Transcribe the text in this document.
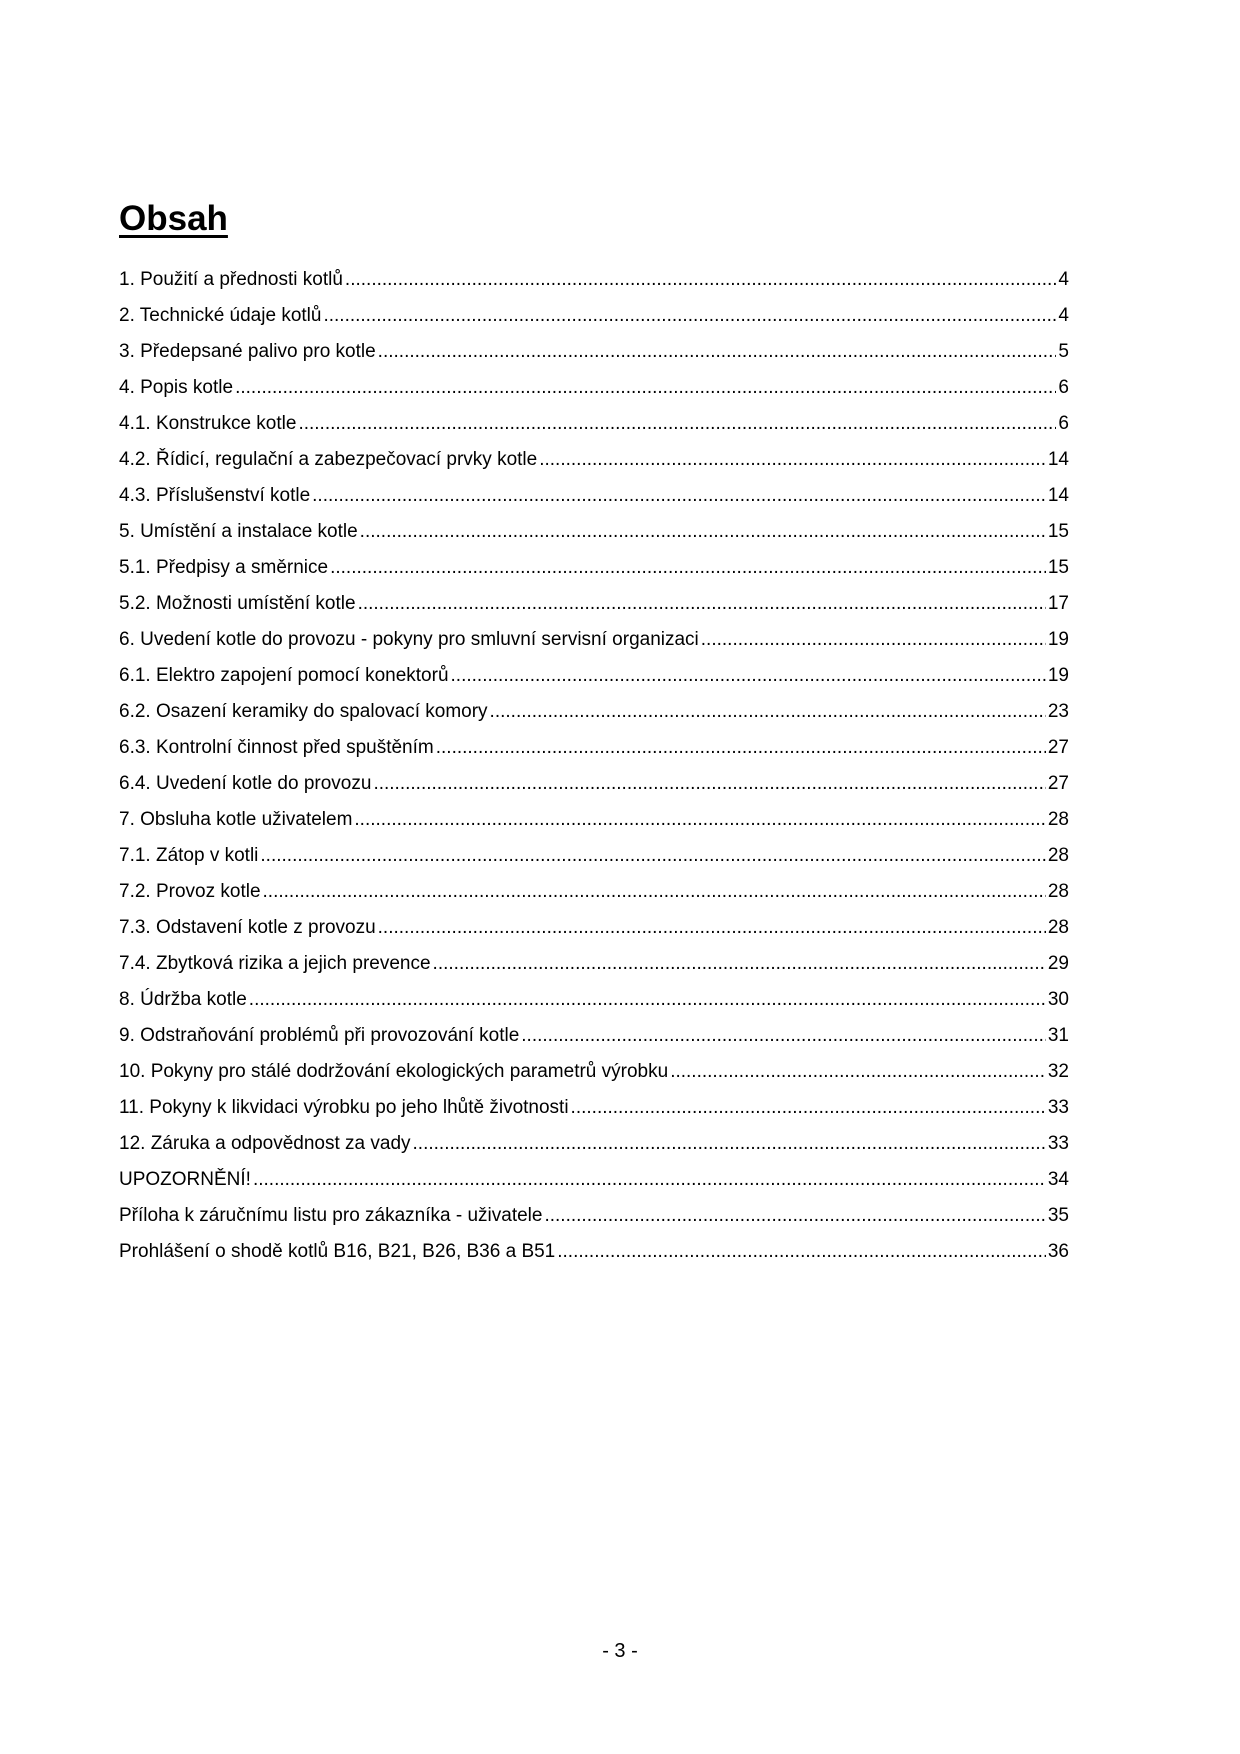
Obsah
1. Použití a přednosti kotlů .....	4
2. Technické údaje kotlů .....	4
3. Předepsané palivo pro kotle .....	5
4. Popis kotle .....	6
4.1. Konstrukce kotle .....	6
4.2. Řídicí, regulační a zabezpečovací prvky kotle .....	14
4.3. Příslušenství kotle .....	14
5. Umístění a instalace kotle .....	15
5.1. Předpisy a směrnice .....	15
5.2. Možnosti umístění kotle .....	17
6. Uvedení kotle do provozu - pokyny pro smluvní servisní organizaci .....	19
6.1. Elektro zapojení pomocí konektorů .....	19
6.2. Osazení keramiky do spalovací komory .....	23
6.3. Kontrolní činnost před spuštěním .....	27
6.4. Uvedení kotle do provozu .....	27
7. Obsluha kotle uživatelem .....	28
7.1. Zátop v kotli .....	28
7.2. Provoz kotle .....	28
7.3. Odstavení kotle z provozu .....	28
7.4. Zbytková rizika a jejich prevence .....	29
8. Údržba kotle .....	30
9. Odstraňování problémů při provozování kotle .....	31
10. Pokyny pro stálé dodržování ekologických parametrů výrobku .....	32
11. Pokyny k likvidaci výrobku po jeho lhůtě životnosti .....	33
12. Záruka a odpovědnost za vady .....	33
UPOZORNĚNÍ! .....	34
Příloha k záručnímu listu pro zákazníka - uživatele .....	35
Prohlášení o shodě kotlů B16, B21, B26, B36 a B51 .....	36
- 3 -
